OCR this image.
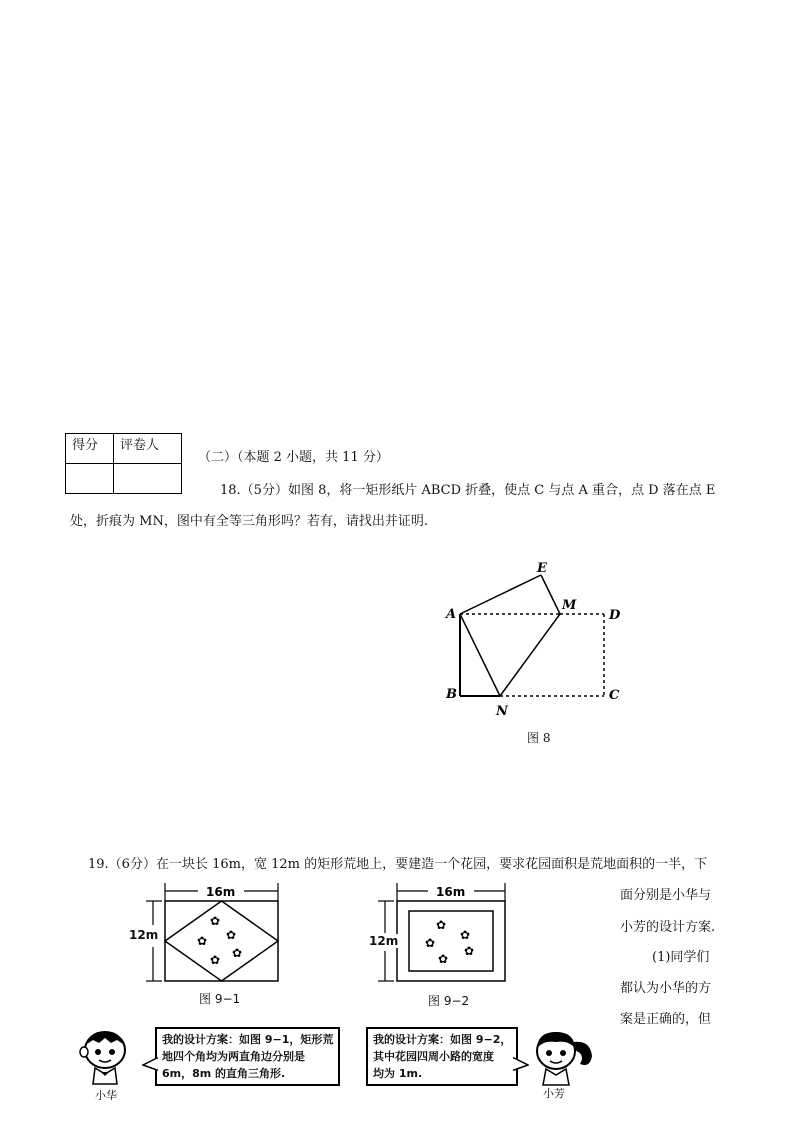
得分	评卷人

（二）（本题 2 小题，共 11 分）
18.（5分）如图 8，将一矩形纸片 ABCD 折叠，使点 C 与点 A 重合，点 D 落在点 E
处，折痕为 MN，图中有全等三角形吗？若有，请找出并证明.
A
B	C
D
E
M
N
图 8
19.（6分）在一块长 16m，宽 12m 的矩形荒地上，要建造一个花园，要求花园面积是荒地面积的一半，下
面分别是小华与
小芳的设计方案.
(1)同学们
都认为小华的方
案是正确的，但
16m
✿
✿ ✿
✿
✿
12m
图 9−1
16m
✿
✿
✿
✿
✿
12m
图 9−2
小华
我的设计方案：如图 9−1，矩形荒
地四个角均为两直角边分别是
6m，8m 的直角三角形.
我的设计方案：如图 9−2，
其中花园四周小路的宽度
均为 1m.
小芳
